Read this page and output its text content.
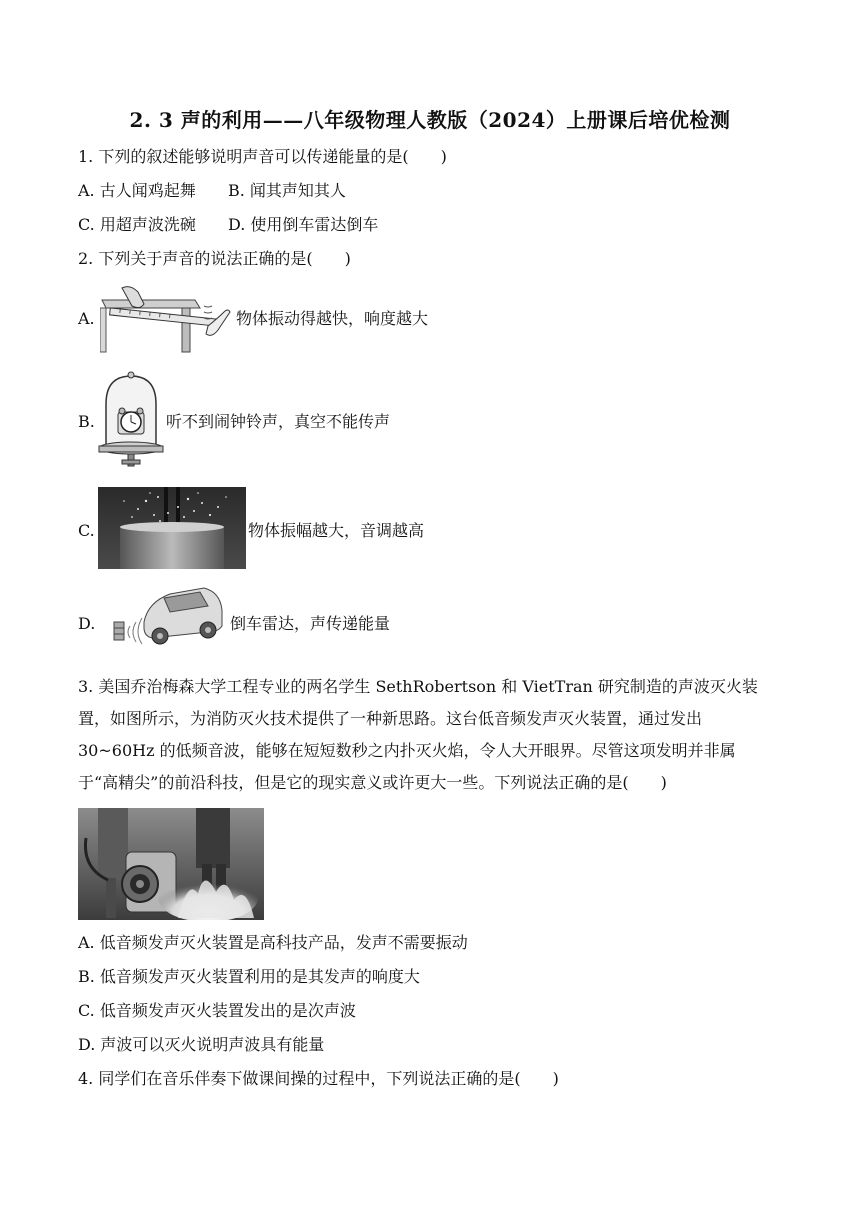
2. 3 声的利用——八年级物理人教版（2024）上册课后培优检测
1. 下列的叙述能够说明声音可以传递能量的是(　　)
A. 古人闻鸡起舞 B. 闻其声知其人
C. 用超声波洗碗 D. 使用倒车雷达倒车
2. 下列关于声音的说法正确的是(　　)
A.	物体振动得越快，响度越大
B.	听不到闹钟铃声，真空不能传声
C.	物体振幅越大，音调越高
D.	倒车雷达，声传递能量
3. 美国乔治梅森大学工程专业的两名学生 SethRobertson 和 VietTran 研究制造的声波灭火装
置，如图所示，为消防灭火技术提供了一种新思路。这台低音频发声灭火装置，通过发出
30~60Hz 的低频音波，能够在短短数秒之内扑灭火焰，令人大开眼界。尽管这项发明并非属
于“高精尖”的前沿科技，但是它的现实意义或许更大一些。下列说法正确的是(　　)
A. 低音频发声灭火装置是高科技产品，发声不需要振动
B. 低音频发声灭火装置利用的是其发声的响度大
C. 低音频发声灭火装置发出的是次声波
D. 声波可以灭火说明声波具有能量
4. 同学们在音乐伴奏下做课间操的过程中，下列说法正确的是(　　)
